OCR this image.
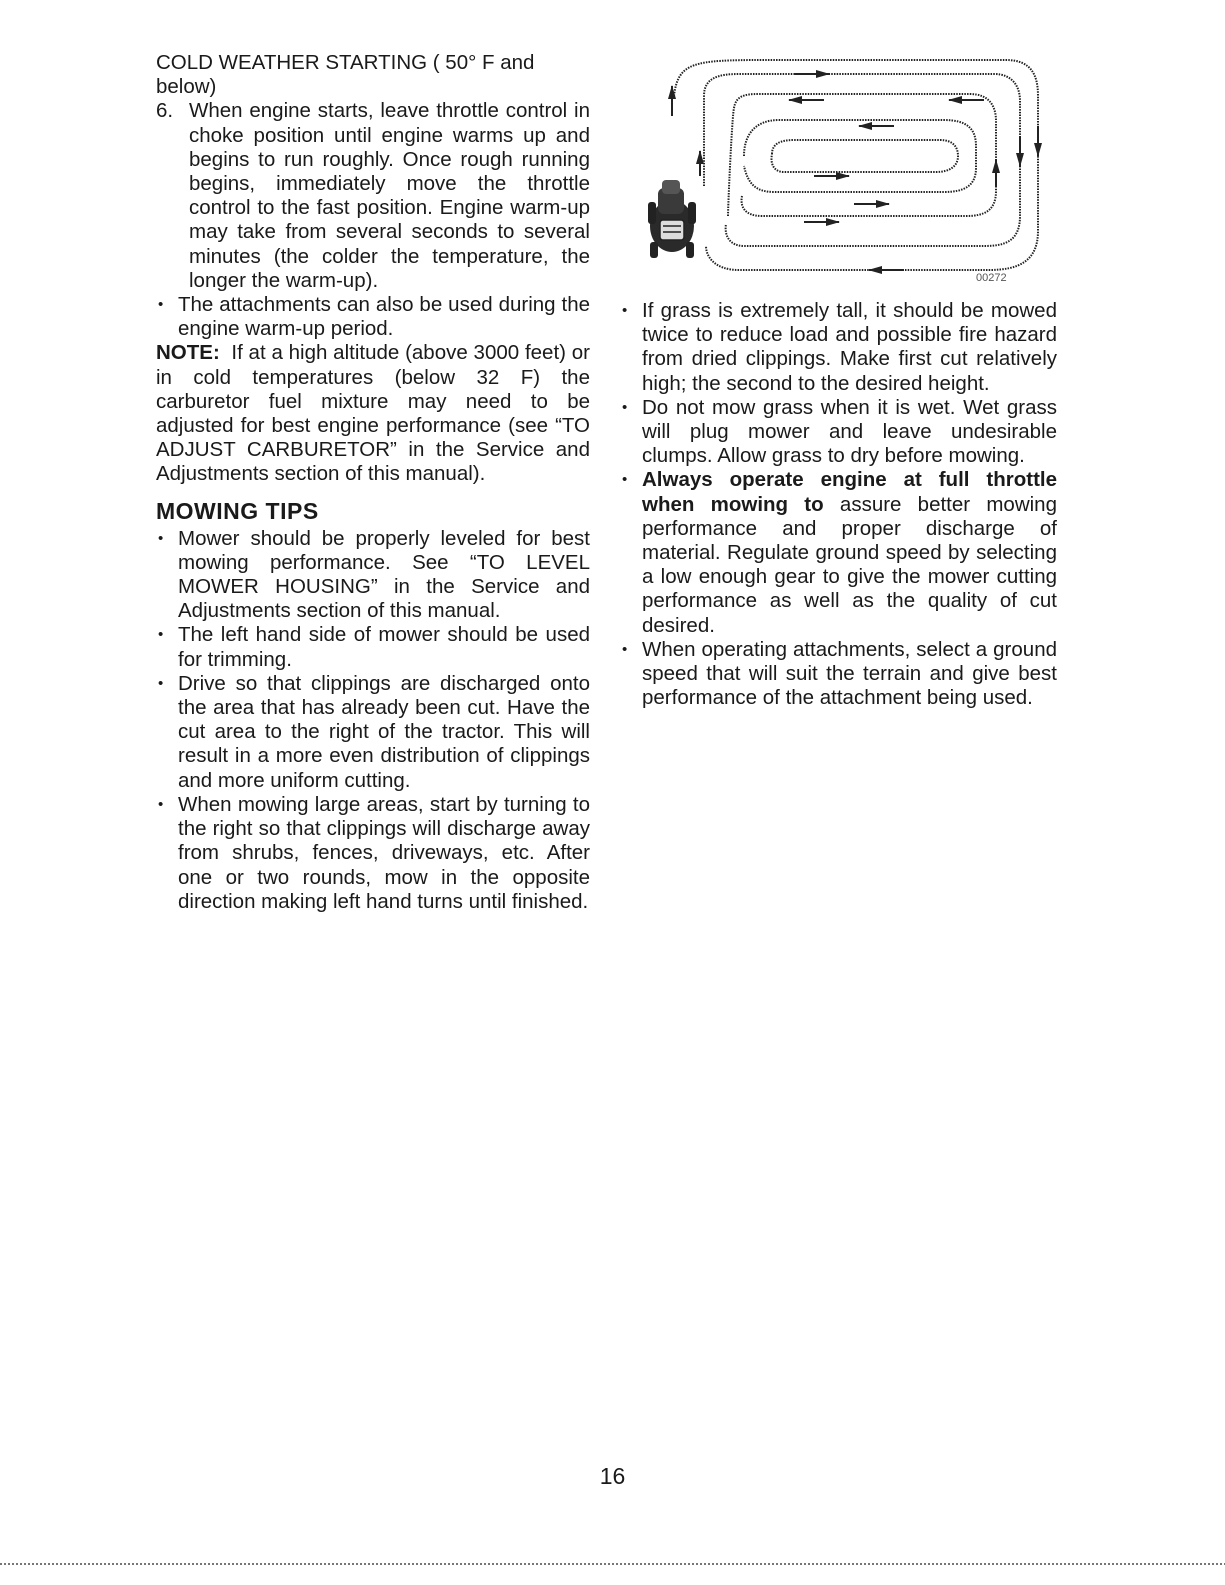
COLD WEATHER STARTING ( 50° F and below)

6. When engine starts, leave throttle control in choke position until engine warms up and begins to run roughly. Once rough running begins, immediately move the throttle control to the fast position. Engine warm-up may take from several seconds to several minutes (the colder the temperature, the longer the warm-up).

• The attachments can also be used during the engine warm-up period.

NOTE: If at a high altitude (above 3000 feet) or in cold temperatures (below 32 F) the carburetor fuel mixture may need to be adjusted for best engine performance (see “TO ADJUST CARBURETOR” in the Service and Adjustments section of this manual).

MOWING TIPS

• Mower should be properly leveled for best mowing performance. See “TO LEVEL MOWER HOUSING” in the Service and Adjustments section of this manual.

• The left hand side of mower should be used for trimming.

• Drive so that clippings are discharged onto the area that has already been cut. Have the cut area to the right of the tractor. This will result in a more even distribution of clippings and more uniform cutting.

• When mowing large areas, start by turning to the right so that clippings will discharge away from shrubs, fences, driveways, etc. After one or two rounds, mow in the opposite direction making left hand turns until finished.

00272

• If grass is extremely tall, it should be mowed twice to reduce load and possible fire hazard from dried clippings. Make first cut relatively high; the second to the desired height.

• Do not mow grass when it is wet. Wet grass will plug mower and leave undesirable clumps. Allow grass to dry before mowing.

• Always operate engine at full throttle when mowing to assure better mowing performance and proper discharge of material. Regulate ground speed by selecting a low enough gear to give the mower cutting performance as well as the quality of cut desired.

• When operating attachments, select a ground speed that will suit the terrain and give best performance of the attachment being used.

16
